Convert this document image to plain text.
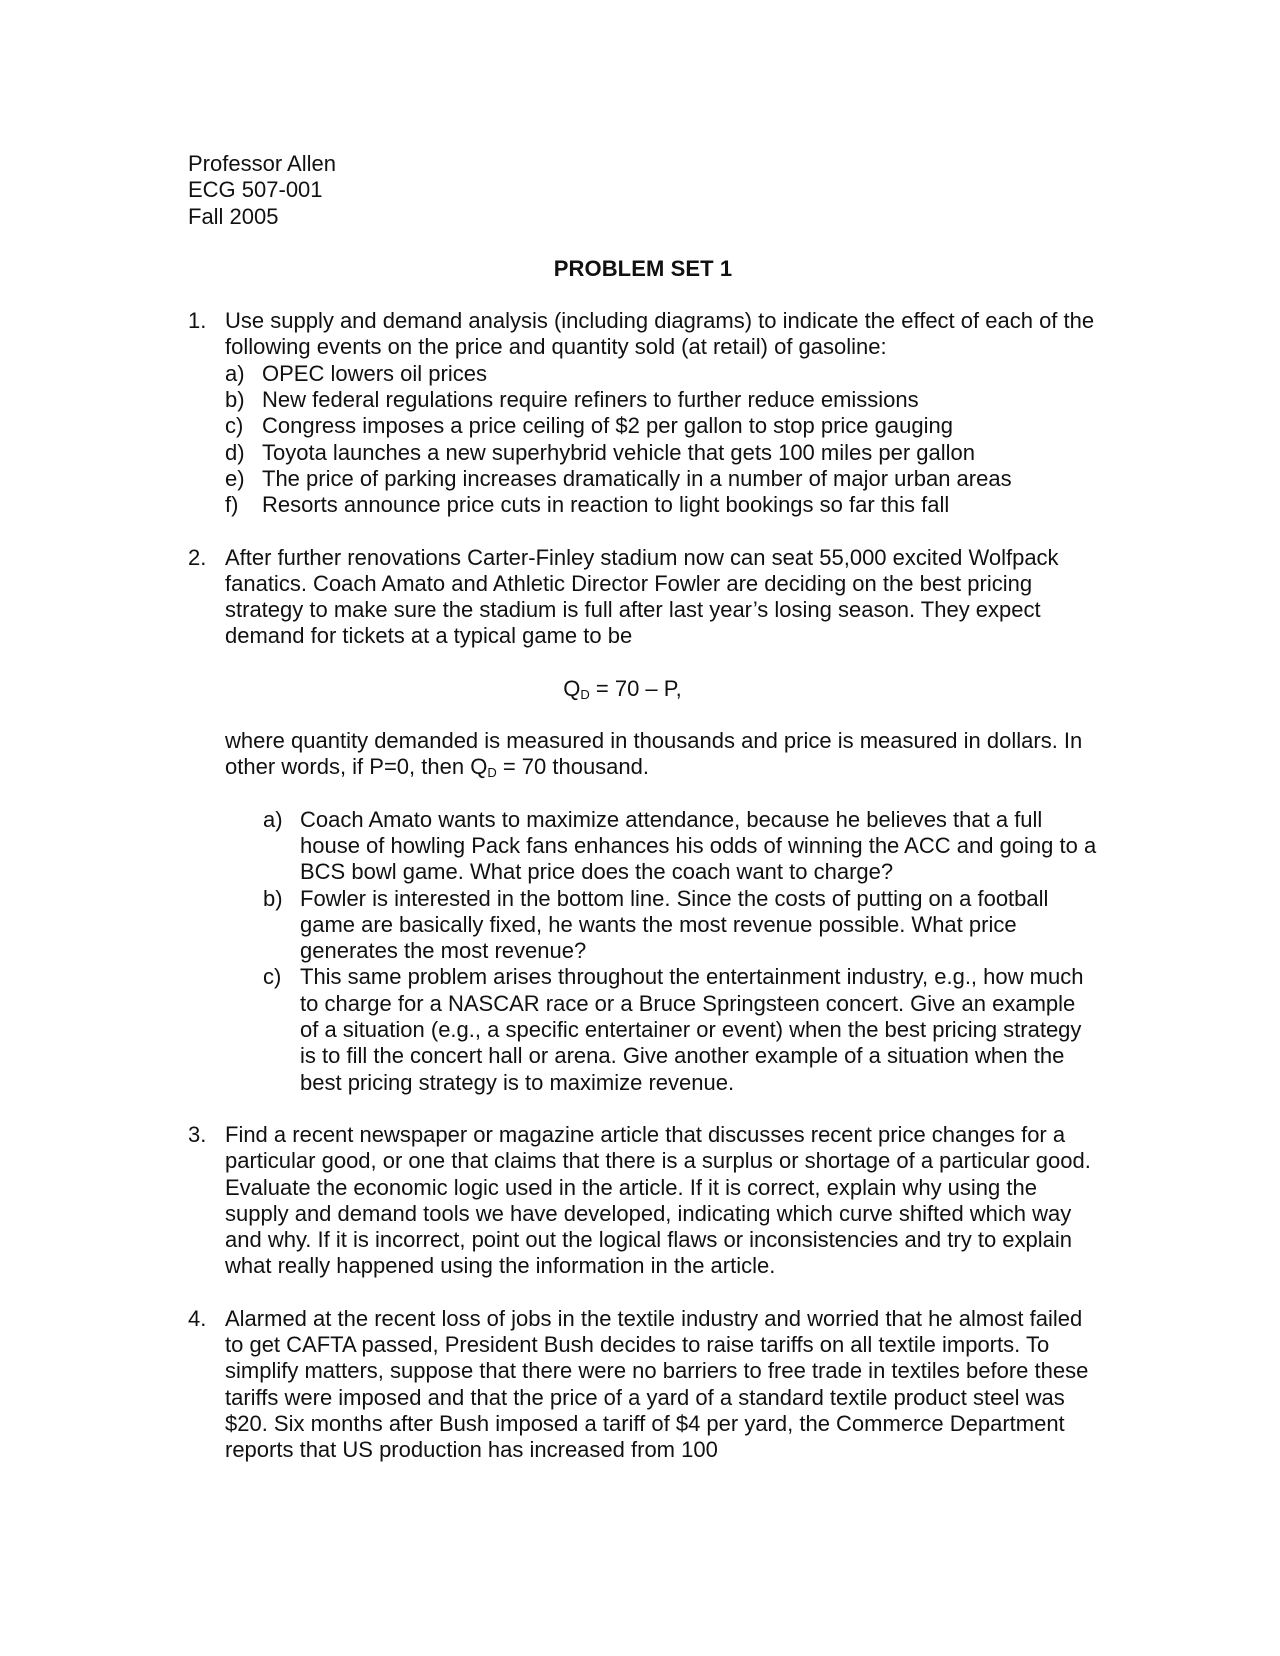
Professor Allen
ECG 507-001
Fall 2005
PROBLEM SET 1
1. Use supply and demand analysis (including diagrams) to indicate the effect of each of the following events on the price and quantity sold (at retail) of gasoline:

a) OPEC lowers oil prices
b) New federal regulations require refiners to further reduce emissions
c) Congress imposes a price ceiling of $2 per gallon to stop price gauging
d) Toyota launches a new superhybrid vehicle that gets 100 miles per gallon
e) The price of parking increases dramatically in a number of major urban areas
f)	Resorts announce price cuts in reaction to light bookings so far this fall
2. After further renovations Carter-Finley stadium now can seat 55,000 excited Wolfpack fanatics. Coach Amato and Athletic Director Fowler are deciding on the best pricing strategy to make sure the stadium is full after last year’s losing season. They expect demand for tickets at a typical game to be

$Q_D = 70 - P$,

where quantity demanded is measured in thousands and price is measured in dollars. In other words, if P=0, then $Q_D = 70$ thousand.

a) Coach Amato wants to maximize attendance, because he believes that a full house of howling Pack fans enhances his odds of winning the ACC and going to a BCS bowl game. What price does the coach want to charge?
b) Fowler is interested in the bottom line. Since the costs of putting on a football game are basically fixed, he wants the most revenue possible. What price generates the most revenue?
c) This same problem arises throughout the entertainment industry, e.g., how much to charge for a NASCAR race or a Bruce Springsteen concert. Give an example of a situation (e.g., a specific entertainer or event) when the best pricing strategy is to fill the concert hall or arena. Give another example of a situation when the best pricing strategy is to maximize revenue.
3. Find a recent newspaper or magazine article that discusses recent price changes for a particular good, or one that claims that there is a surplus or shortage of a particular good. Evaluate the economic logic used in the article. If it is correct, explain why using the supply and demand tools we have developed, indicating which curve shifted which way and why. If it is incorrect, point out the logical flaws or inconsistencies and try to explain what really happened using the information in the article.

4. Alarmed at the recent loss of jobs in the textile industry and worried that he almost failed to get CAFTA passed, President Bush decides to raise tariffs on all textile imports. To simplify matters, suppose that there were no barriers to free trade in textiles before these tariffs were imposed and that the price of a yard of a standard textile product steel was $20. Six months after Bush imposed a tariff of $4 per yard, the Commerce Department reports that US production has increased from 100
